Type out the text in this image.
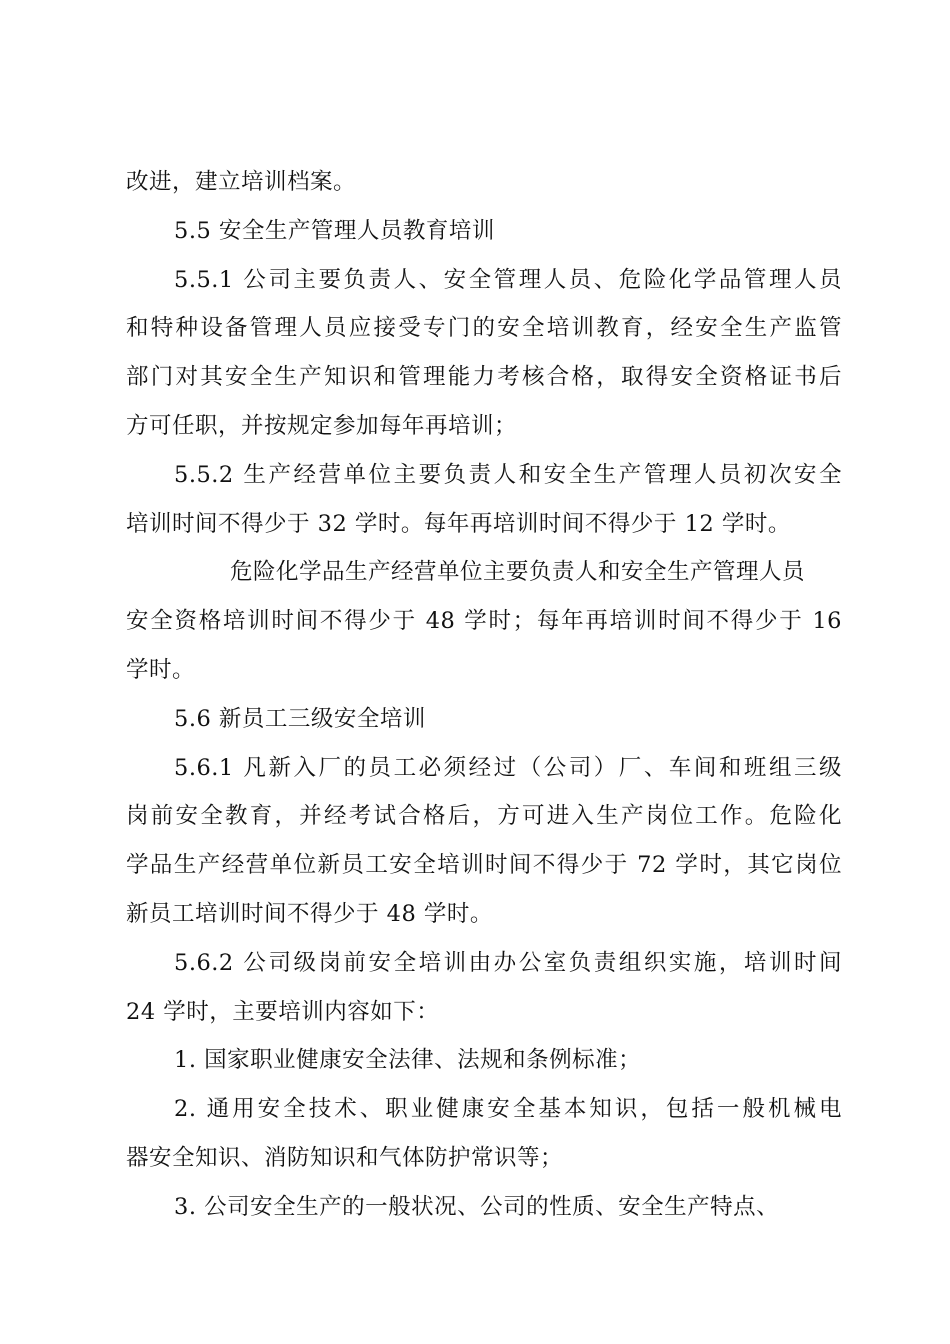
改进，建立培训档案。
5.5 安全生产管理人员教育培训
5.5.1 公司主要负责人、安全管理人员、危险化学品管理人员
和特种设备管理人员应接受专门的安全培训教育，经安全生产监管
部门对其安全生产知识和管理能力考核合格，取得安全资格证书后
方可任职，并按规定参加每年再培训；
5.5.2 生产经营单位主要负责人和安全生产管理人员初次安全
培训时间不得少于 32 学时。每年再培训时间不得少于 12 学时。
危险化学品生产经营单位主要负责人和安全生产管理人员
安全资格培训时间不得少于 48 学时；每年再培训时间不得少于 16
学时。
5.6 新员工三级安全培训
5.6.1 凡新入厂的员工必须经过（公司）厂、车间和班组三级
岗前安全教育，并经考试合格后，方可进入生产岗位工作。危险化
学品生产经营单位新员工安全培训时间不得少于 72 学时，其它岗位
新员工培训时间不得少于 48 学时。
5.6.2 公司级岗前安全培训由办公室负责组织实施，培训时间
24 学时，主要培训内容如下：
1. 国家职业健康安全法律、法规和条例标准；
2. 通用安全技术、职业健康安全基本知识，包括一般机械电
器安全知识、消防知识和气体防护常识等；
3. 公司安全生产的一般状况、公司的性质、安全生产特点、
